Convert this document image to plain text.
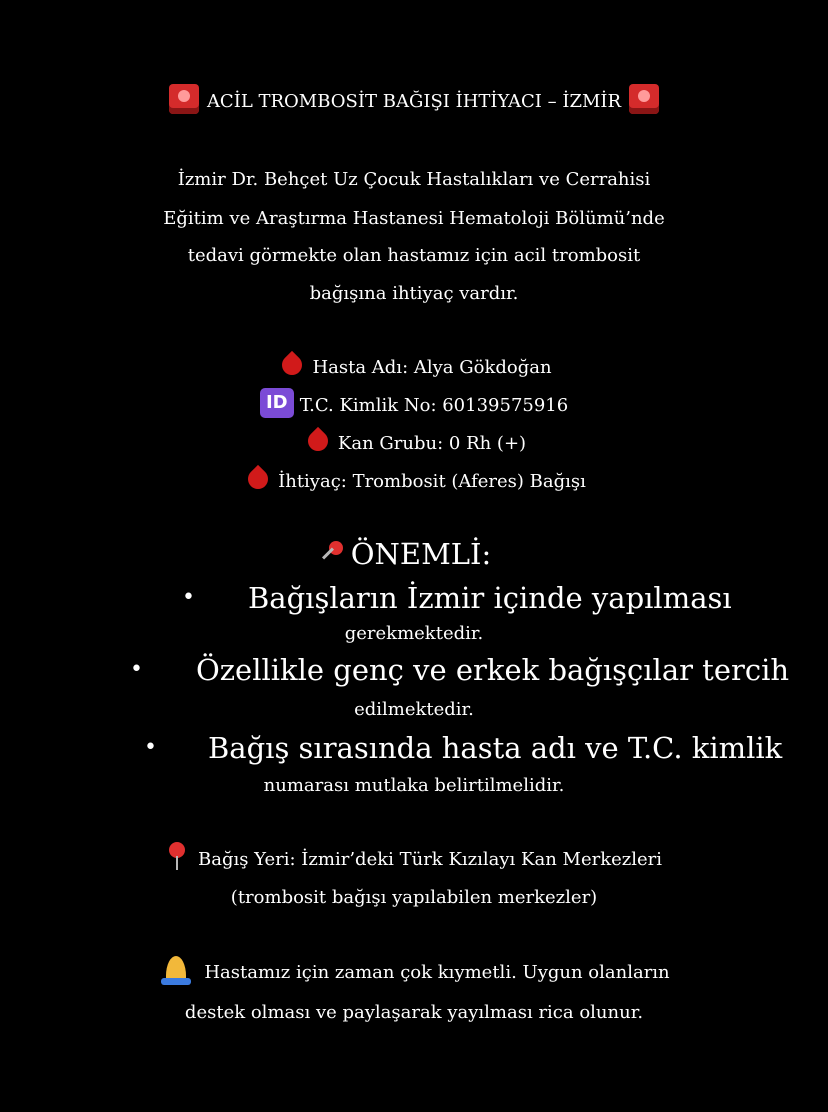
ACİL TROMBOSİT BAĞIŞI İHTİYACI – İZMİR
İzmir Dr. Behçet Uz Çocuk Hastalıkları ve Cerrahisi
Eğitim ve Araştırma Hastanesi Hematoloji Bölümü’nde
tedavi görmekte olan hastamız için acil trombosit
bağışına ihtiyaç vardır.
Hasta Adı: Alya Gökdoğan
ID T.C. Kimlik No: 60139575916
Kan Grubu: 0 Rh (+)
İhtiyaç: Trombosit (Aferes) Bağışı
ÖNEMLİ:
• Bağışların İzmir içinde yapılması
gerekmektedir.
• Özellikle genç ve erkek bağışçılar tercih
edilmektedir.
• Bağış sırasında hasta adı ve T.C. kimlik
numarası mutlaka belirtilmelidir.
Bağış Yeri: İzmir’deki Türk Kızılayı Kan Merkezleri
(trombosit bağışı yapılabilen merkezler)
Hastamız için zaman çok kıymetli. Uygun olanların
destek olması ve paylaşarak yayılması rica olunur.
